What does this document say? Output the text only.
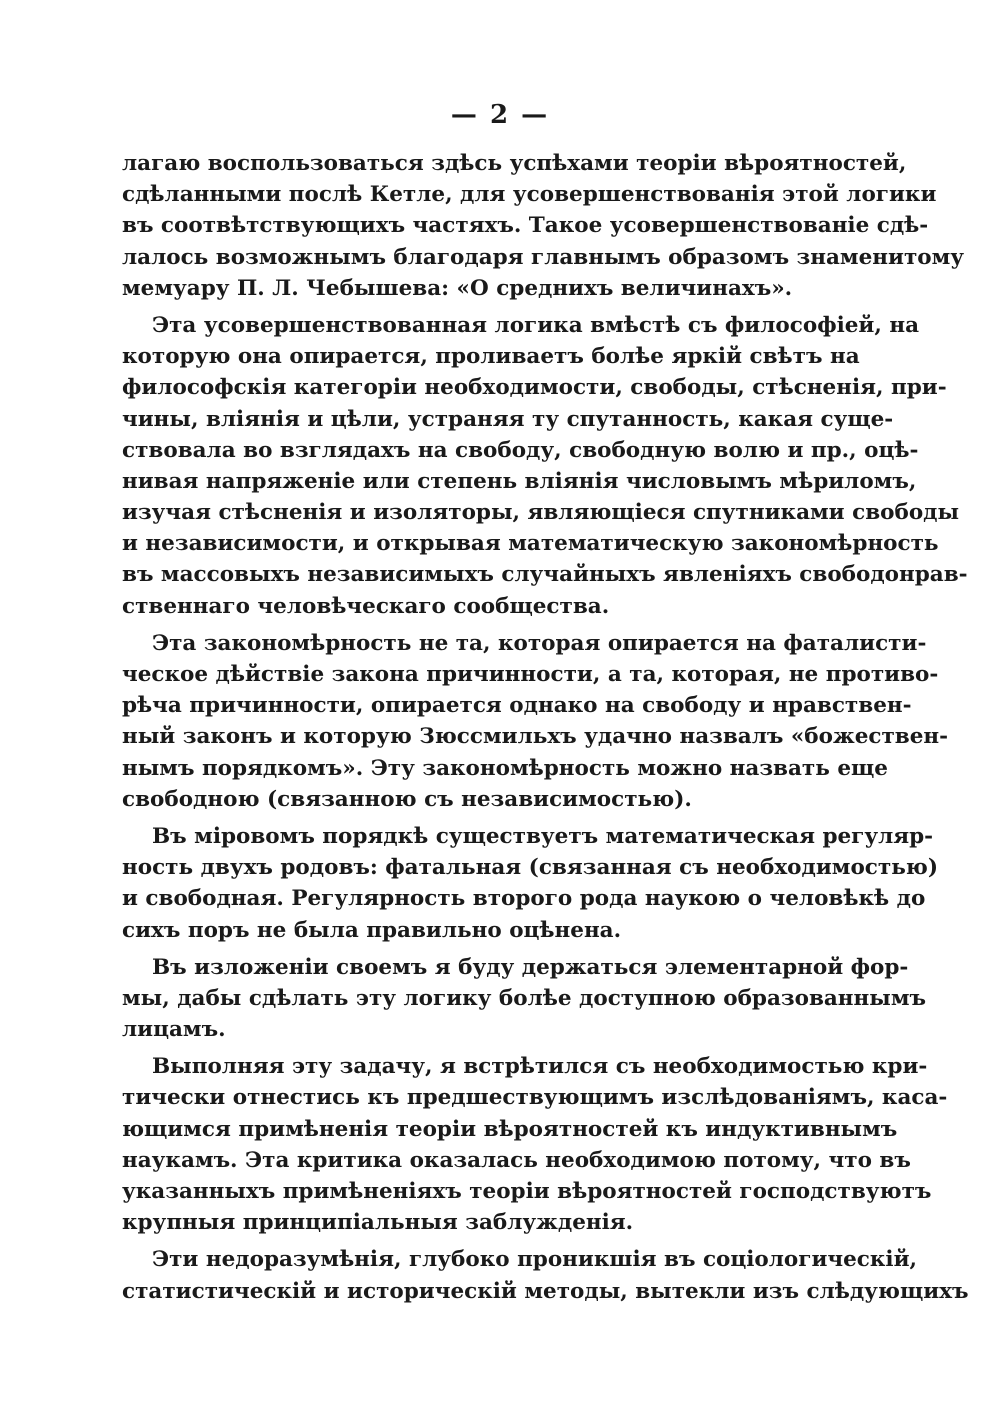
— 2 —
лагаю воспользоваться здѣсь успѣхами теоріи вѣроятностей,
сдѣланными послѣ Кетле, для усовершенствованія этой логики
въ соотвѣтствующихъ частяхъ. Такое усовершенствованіе сдѣ-
лалось возможнымъ благодаря главнымъ образомъ знаменитому
мемуару П. Л. Чебышева: «О среднихъ величинахъ».
Эта усовершенствованная логика вмѣстѣ съ философіей, на
которую она опирается, проливаетъ болѣе яркій свѣтъ на
философскія категоріи необходимости, свободы, стѣсненія, при-
чины, вліянія и цѣли, устраняя ту спутанность, какая суще-
ствовала во взглядахъ на свободу, свободную волю и пр., оцѣ-
нивая напряженіе или степень вліянія числовымъ мѣриломъ,
изучая стѣсненія и изоляторы, являющіеся спутниками свободы
и независимости, и открывая математическую закономѣрность
въ массовыхъ независимыхъ случайныхъ явленіяхъ свободонрав-
ственнаго человѣческаго сообщества.
Эта закономѣрность не та, которая опирается на фаталисти-
ческое дѣйствіе закона причинности, а та, которая, не противо-
рѣча причинности, опирается однако на свободу и нравствен-
ный законъ и которую Зюссмильхъ удачно назвалъ «божествен-
нымъ порядкомъ». Эту закономѣрность можно назвать еще
свободною (связанною съ независимостью).
Въ міровомъ порядкѣ существуетъ математическая регуляр-
ность двухъ родовъ: фатальная (связанная съ необходимостью)
и свободная. Регулярность второго рода наукою о человѣкѣ до
сихъ поръ не была правильно оцѣнена.
Въ изложеніи своемъ я буду держаться элементарной фор-
мы, дабы сдѣлать эту логику болѣе доступною образованнымъ
лицамъ.
Выполняя эту задачу, я встрѣтился съ необходимостью кри-
тически отнестись къ предшествующимъ изслѣдованіямъ, каса-
ющимся примѣненія теоріи вѣроятностей къ индуктивнымъ
наукамъ. Эта критика оказалась необходимою потому, что въ
указанныхъ примѣненіяхъ теоріи вѣроятностей господствуютъ
крупныя принципіальныя заблужденія.
Эти недоразумѣнія, глубоко проникшія въ соціологическій,
статистическій и историческій методы, вытекли изъ слѣдующихъ
